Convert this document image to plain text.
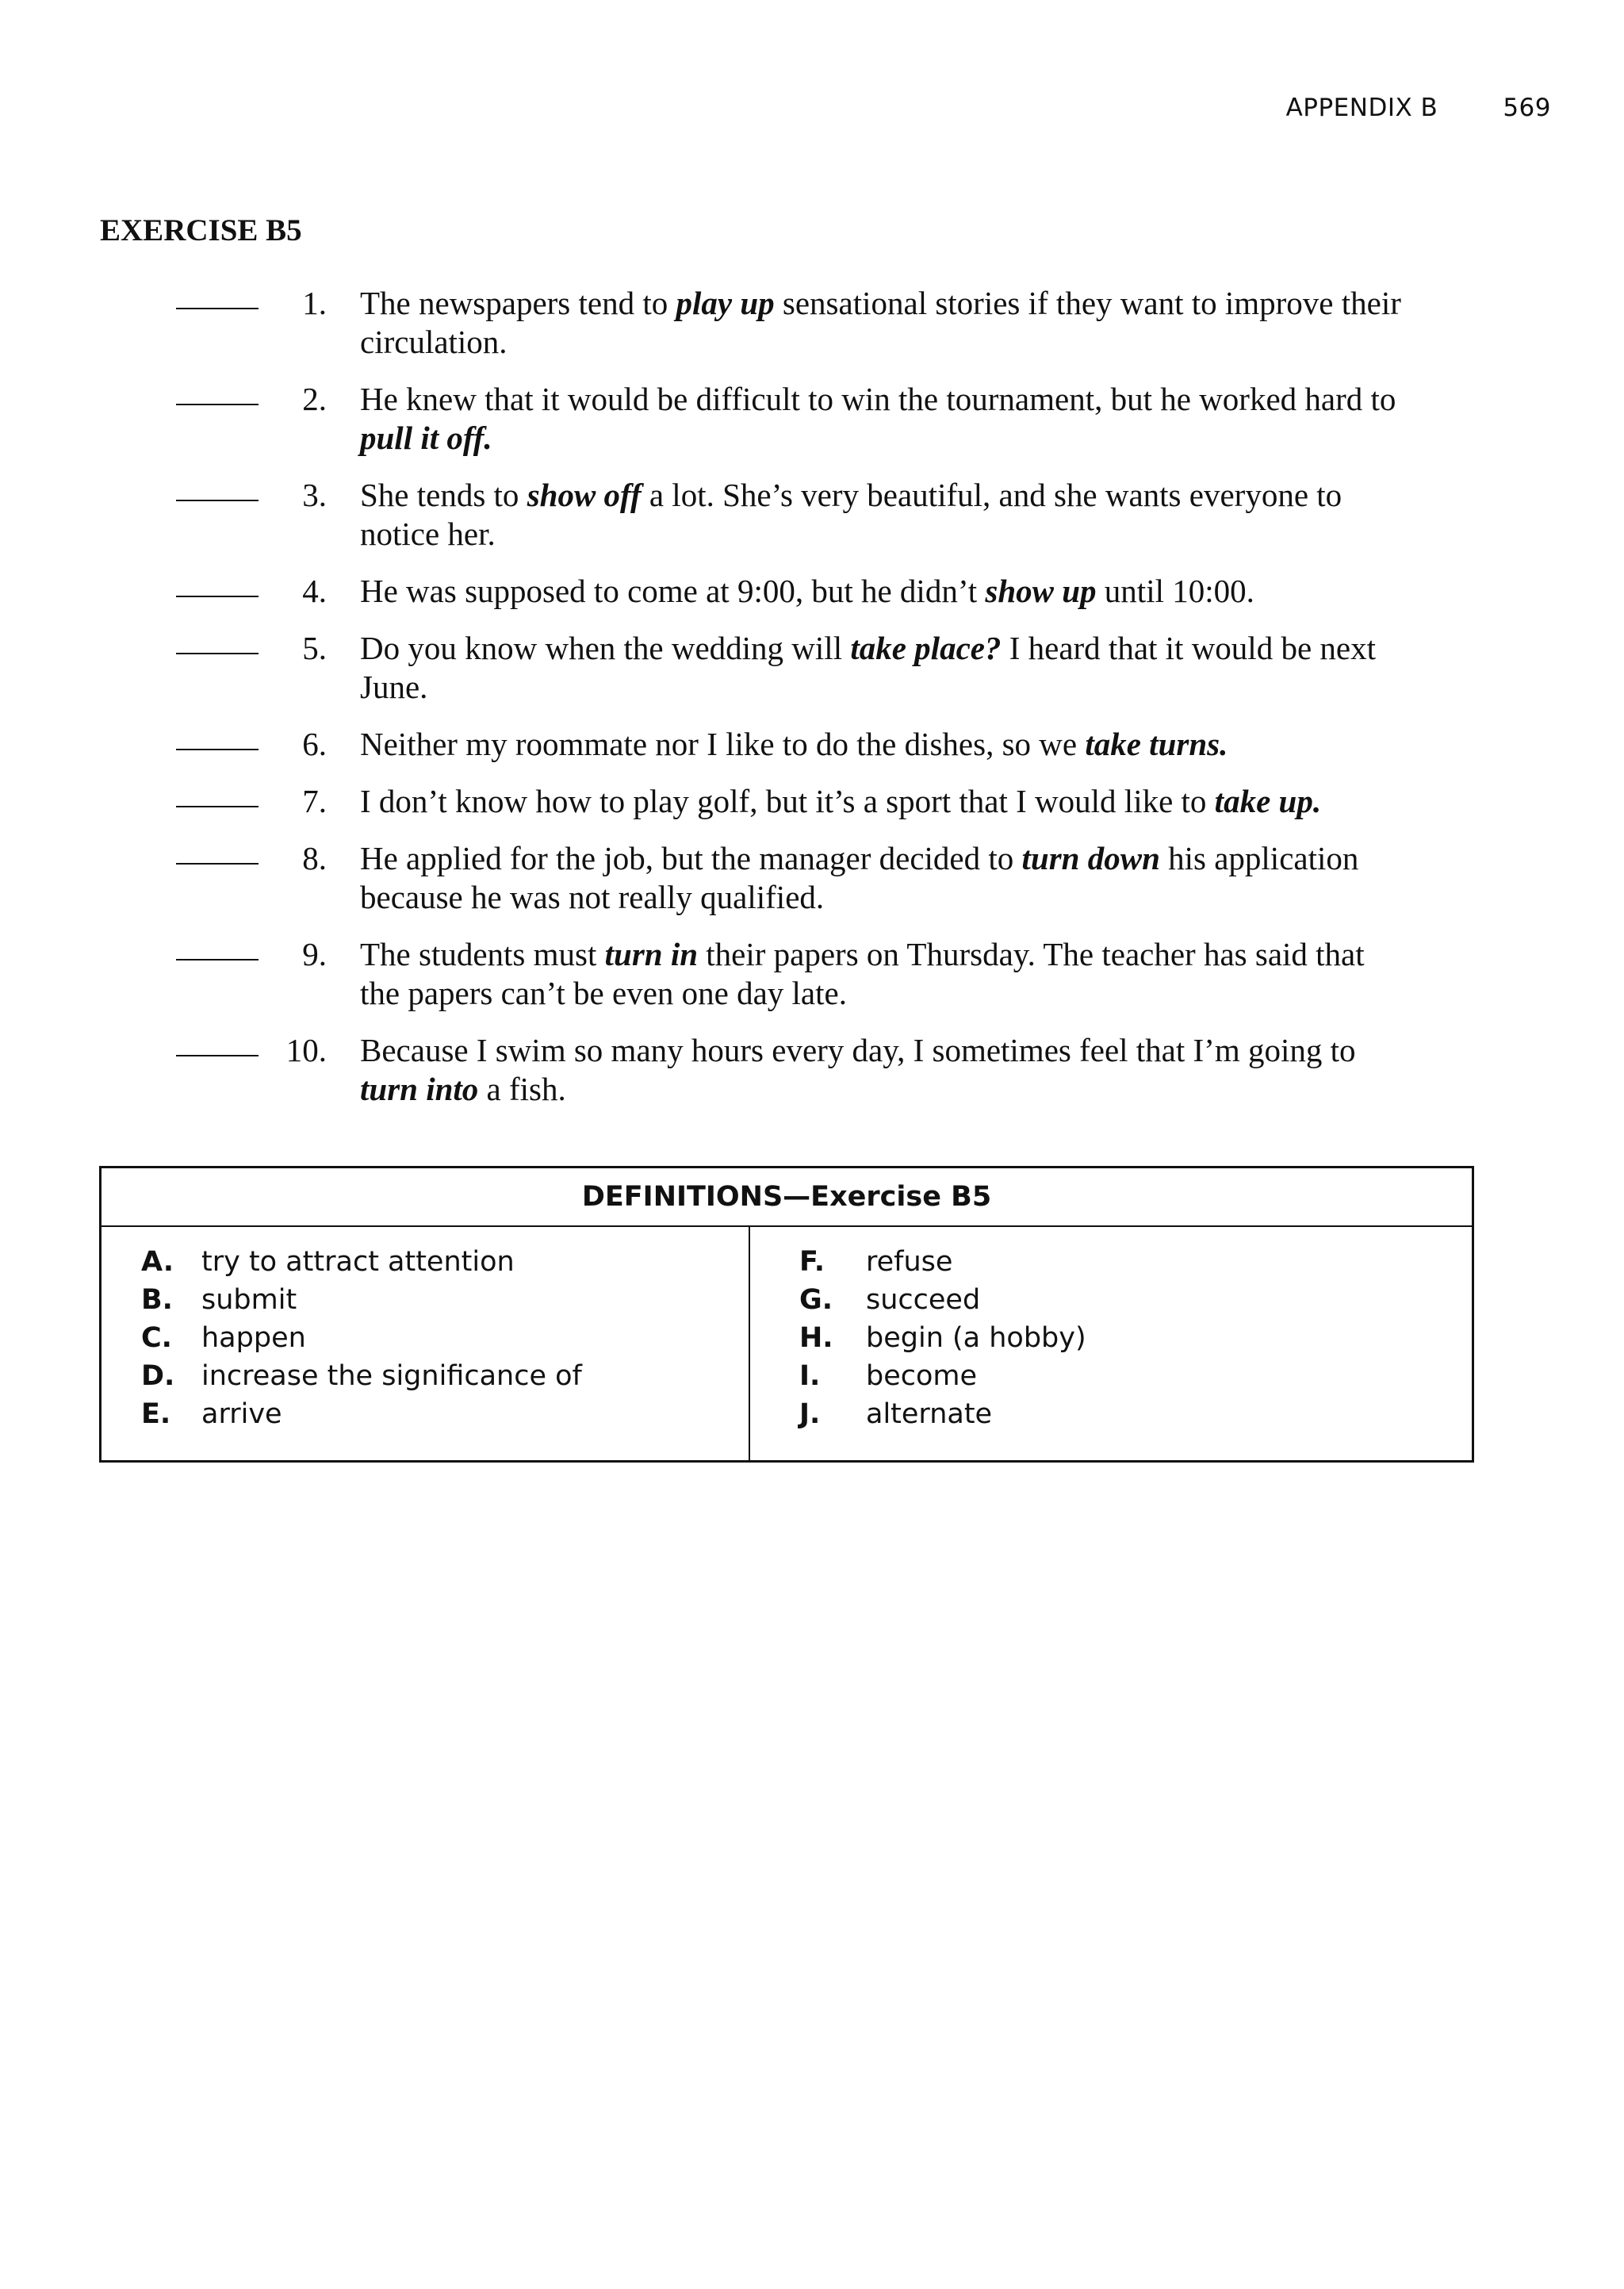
APPENDIX B	569
EXERCISE B5
1. The newspapers tend to play up sensational stories if they want to improve their circulation.
2. He knew that it would be difficult to win the tournament, but he worked hard to pull it off.
3. She tends to show off a lot. She’s very beautiful, and she wants everyone to notice her.
4. He was supposed to come at 9:00, but he didn’t show up until 10:00.
5. Do you know when the wedding will take place? I heard that it would be next June.
6. Neither my roommate nor I like to do the dishes, so we take turns.
7. I don’t know how to play golf, but it’s a sport that I would like to take up.
8. He applied for the job, but the manager decided to turn down his application because he was not really qualified.
9. The students must turn in their papers on Thursday. The teacher has said that the papers can’t be even one day late.
10. Because I swim so many hours every day, I sometimes feel that I’m going to turn into a fish.
DEFINITIONS—Exercise B5
A. try to attract attention
B.	submit
C.	happen
D. increase the significance of
E.	arrive
F.	refuse
G.	succeed
H.	begin (a hobby)
I.	become
J.	alternate
